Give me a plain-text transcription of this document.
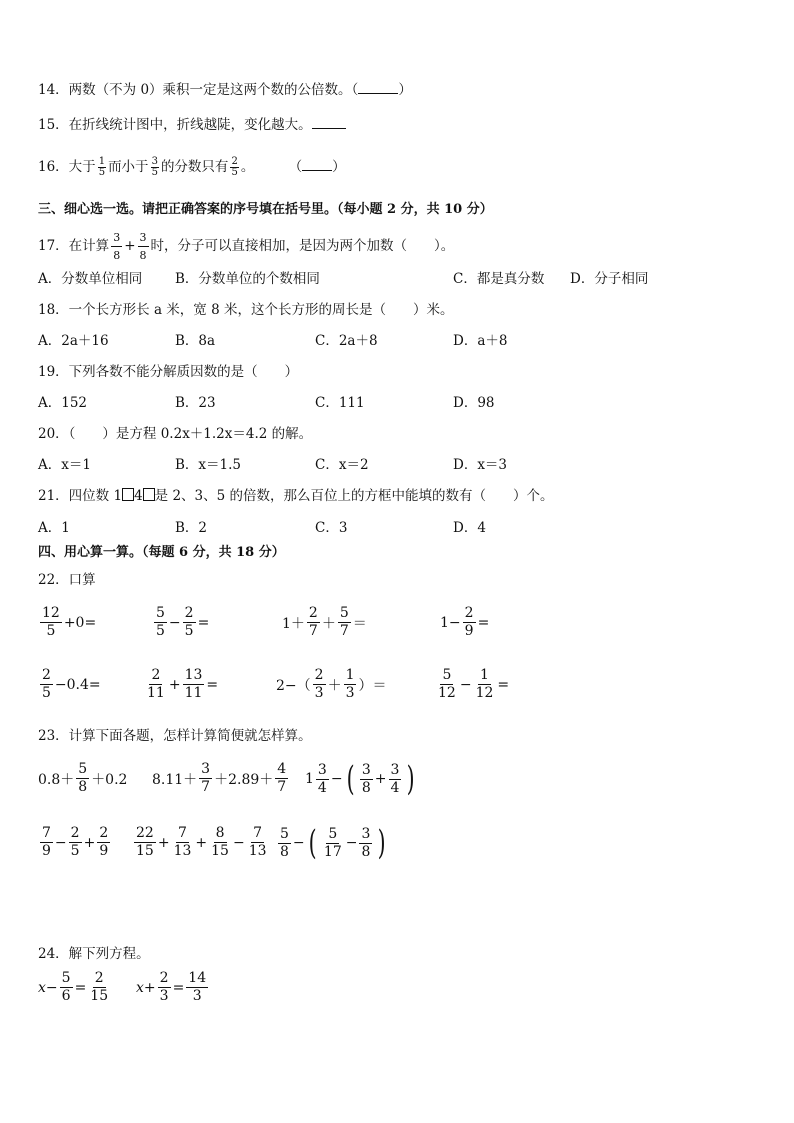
14．两数（不为 0）乘积一定是这两个数的公倍数。（	）
15．在折线统计图中，折线越陡，变化越大。
16．大于 $\frac{1}{5}$ 而小于 $\frac{3}{5}$ 的分数只有 $\frac{2}{5}$ 。	（ ）
三、细心选一选。请把正确答案的序号填在括号里。（每小题 2 分，共 10 分）
17．在计算 $\frac{3}{8} + \frac{3}{8}$ 时，分子可以直接相加，是因为两个加数（　　）。
A．分数单位相同 B．分数单位的个数相同	C．都是真分数 D．分子相同
18．一个长方形长 a 米，宽 8 米，这个长方形的周长是（　　）米。
A．2a＋16	B．8a	C．2a＋8	D．a＋8
19．下列各数不能分解质因数的是（　　）
A．152	B．23	C．111	D．98
20．（　　）是方程 0.2x＋1.2x＝4.2 的解。
A．x＝1	B．x＝1.5	C．x＝2	D．x＝3
21．四位数 1 4 是 2、3、5 的倍数，那么百位上的方框中能填的数有（　　）个。
A．1	B．2	C．3	D．4
四、用心算一算。（每题 6 分，共 18 分）
22．口算
$\frac{12}{5} +0=$	$\frac{5}{5} - \frac{2}{5}$ =	$1+ \frac{2}{7} + \frac{5}{7}$ ＝	$1- \frac{2}{9}$ =
$\frac{2}{5} -0.4=$	$\frac{2}{11} + \frac{13}{11}$ =	$2-( \frac{2}{3} + \frac{1}{3}$ ）＝	$\frac{5}{12} - \frac{1}{12}$ =
23．计算下面各题，怎样计算简便就怎样算。
$0.8+ \frac{5}{8} +0.2$ $8.11+ \frac{3}{7} +2.89+ \frac{4}{7} 1 \frac{3}{4}$ − ( $\frac{3}{8} + \frac{3}{4}$ )
$\frac{7}{9} - \frac{2}{5} + \frac{2}{9} \frac{22}{15} + \frac{7}{13} + \frac{8}{15} - \frac{7}{13} \frac{5}{8}$ − ( $\frac{5}{17} - \frac{3}{8}$ )
24．解下列方程。
$x - \frac{5}{6} = \frac{2}{15}$ $x + \frac{2}{3} = \frac{14}{3}$
